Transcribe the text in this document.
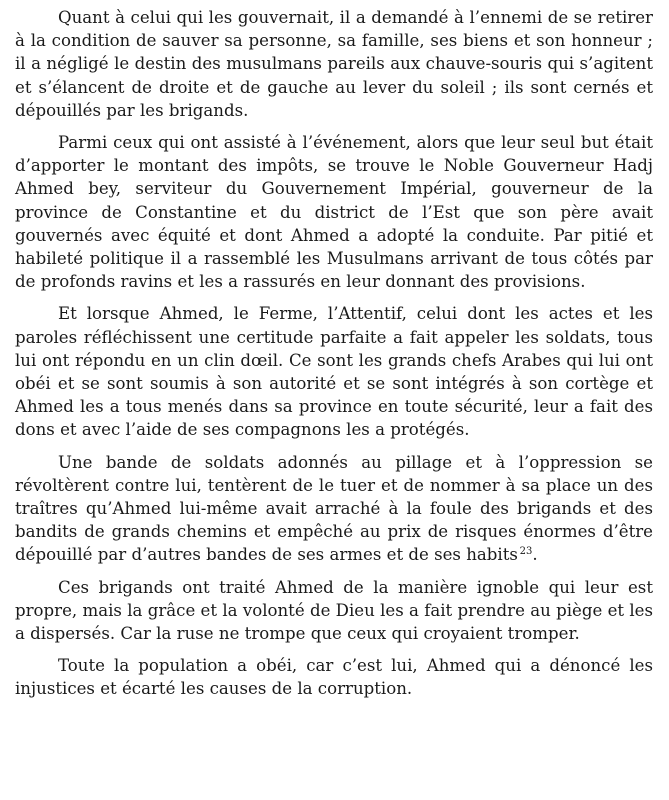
Quant à celui qui les gouvernait, il a demandé à l’ennemi de se retirer à la condition de sauver sa personne, sa famille, ses biens et son honneur ; il a négligé le destin des musulmans pareils aux chauve-souris qui s’agitent et s’élancent de droite et de gauche au lever du soleil ; ils sont cernés et dépouillés par les brigands.

Parmi ceux qui ont assisté à l’événement, alors que leur seul but était d’apporter le montant des impôts, se trouve le Noble Gouverneur Hadj Ahmed bey, serviteur du Gouvernement Impérial, gouverneur de la province de Constantine et du district de l’Est que son père avait gouvernés avec équité et dont Ahmed a adopté la conduite. Par pitié et habileté politique il a rassemblé les Musulmans arrivant de tous côtés par de profonds ravins et les a rassurés en leur donnant des provisions.

Et lorsque Ahmed, le Ferme, l’Attentif, celui dont les actes et les paroles réfléchissent une certitude parfaite a fait appeler les soldats, tous lui ont répondu en un clin dœil. Ce sont les grands chefs Arabes qui lui ont obéi et se sont soumis à son autorité et se sont intégrés à son cortège et Ahmed les a tous menés dans sa province en toute sécurité, leur a fait des dons et avec l’aide de ses compagnons les a protégés.

Une bande de soldats adonnés au pillage et à l’oppression se révoltèrent contre lui, tentèrent de le tuer et de nommer à sa place un des traîtres qu’Ahmed lui-même avait arraché à la foule des brigands et des bandits de grands chemins et empêché au prix de risques énormes d’être dépouillé par d’autres bandes de ses armes et de ses habits  $^{23}$.

Ces brigands ont traité Ahmed de la manière ignoble qui leur est propre, mais la grâce et la volonté de Dieu les a fait prendre au piège et les a dispersés. Car la ruse ne trompe que ceux qui croyaient tromper.

Toute la population a obéi, car c’est lui, Ahmed qui a dénoncé les injustices et écarté les causes de la corruption.
